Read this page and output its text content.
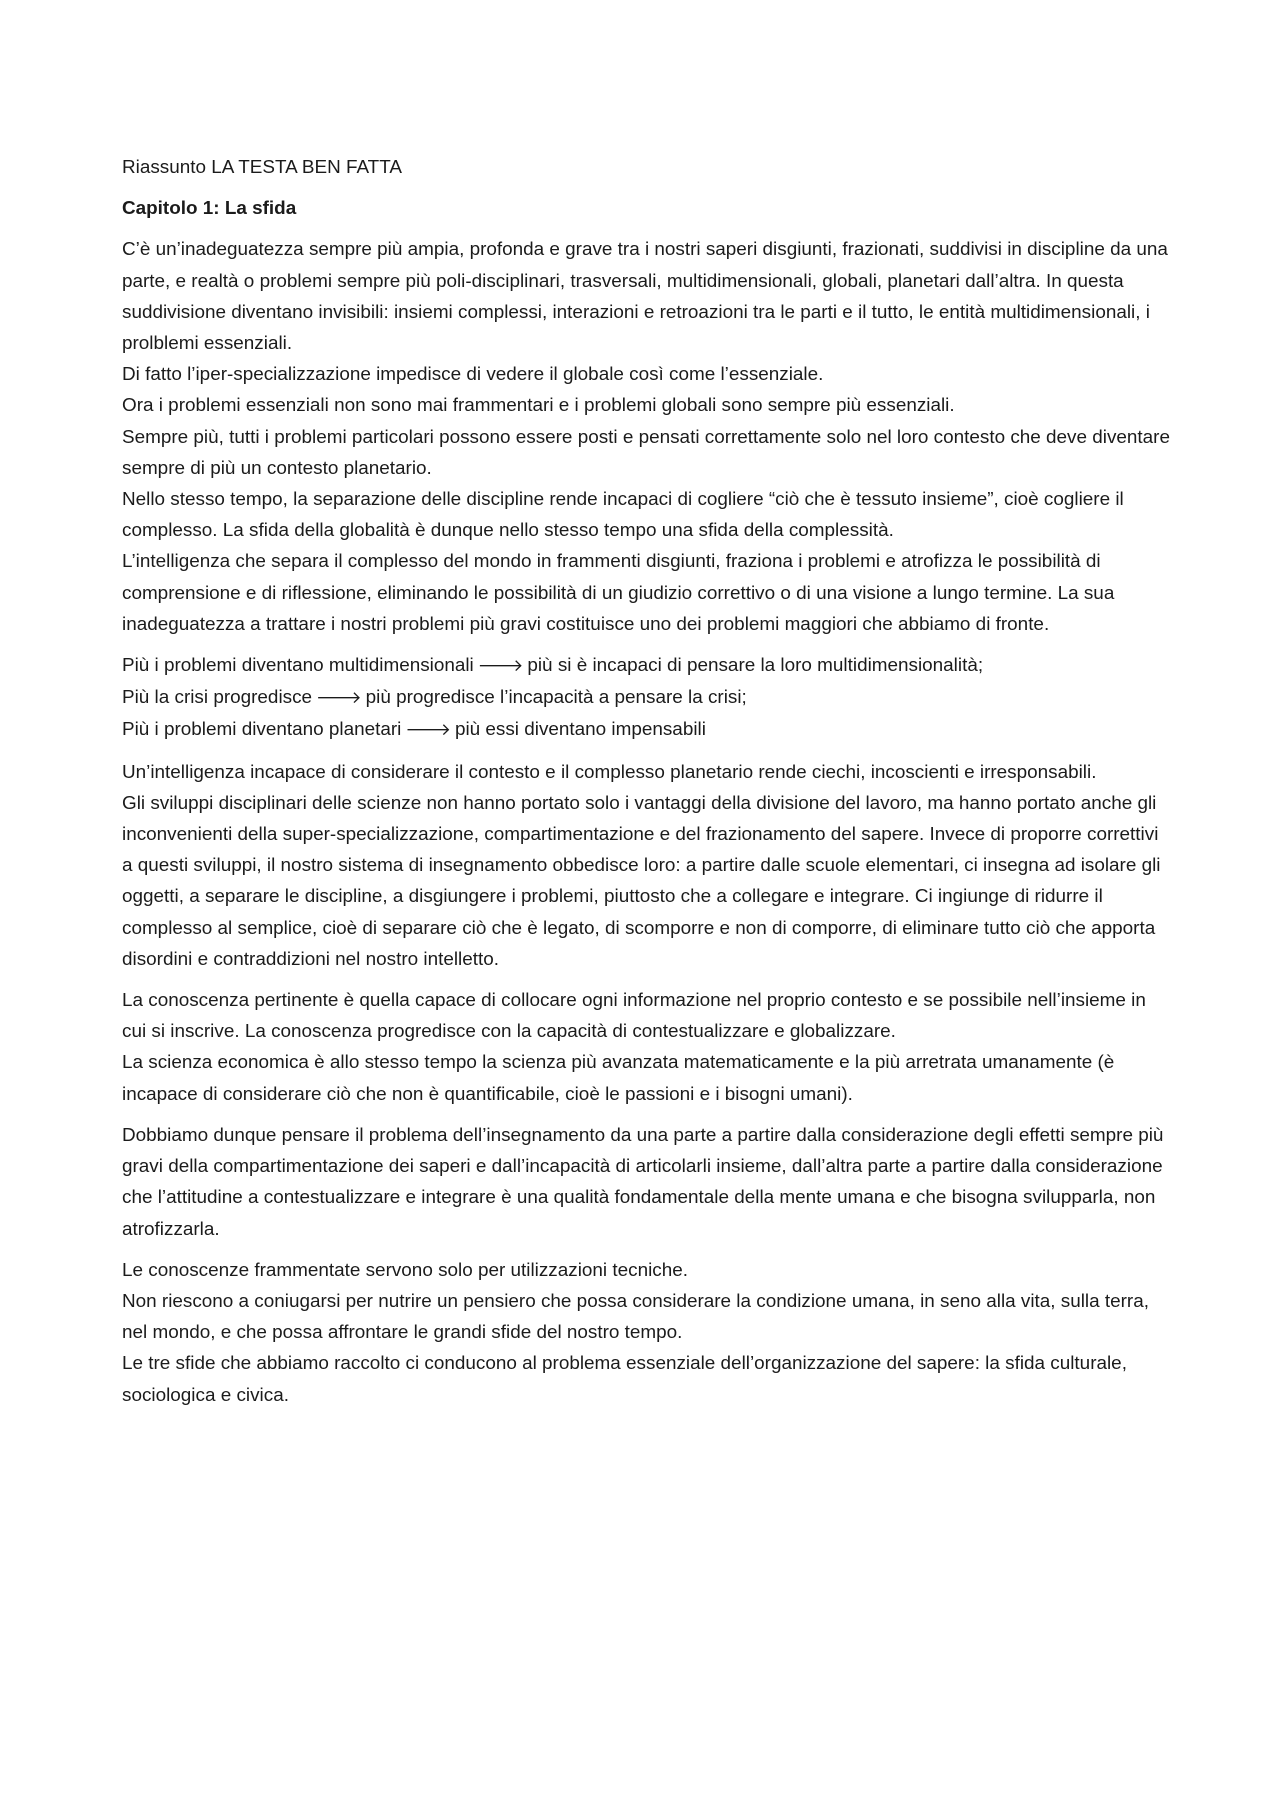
Riassunto LA TESTA BEN FATTA

Capitolo 1: La sfida

C’è un’inadeguatezza sempre più ampia, profonda e grave tra i nostri saperi disgiunti, frazionati, suddivisi in discipline da una parte, e realtà o problemi sempre più poli-disciplinari, trasversali, multidimensionali, globali, planetari dall’altra. In questa suddivisione diventano invisibili: insiemi complessi, interazioni e retroazioni tra le parti e il tutto, le entità multidimensionali, i prolblemi essenziali.
Di fatto l’iper-specializzazione impedisce di vedere il globale così come l’essenziale.
Ora i problemi essenziali non sono mai frammentari e i problemi globali sono sempre più essenziali.
Sempre più, tutti i problemi particolari possono essere posti e pensati correttamente solo nel loro contesto che deve diventare sempre di più un contesto planetario.
Nello stesso tempo, la separazione delle discipline rende incapaci di cogliere “ciò che è tessuto insieme”, cioè cogliere il complesso. La sfida della globalità è dunque nello stesso tempo una sfida della complessità.
L’intelligenza che separa il complesso del mondo in frammenti disgiunti, fraziona i problemi e atrofizza le possibilità di comprensione e di riflessione, eliminando le possibilità di un giudizio correttivo o di una visione a lungo termine. La sua inadeguatezza a trattare i nostri problemi più gravi costituisce uno dei problemi maggiori che abbiamo di fronte.

Più i problemi diventano multidimensionali 🡒 più si è incapaci di pensare la loro multidimensionalità;
Più la crisi progredisce 🡒 più progredisce l’incapacità a pensare la crisi;
Più i problemi diventano planetari 🡒 più essi diventano impensabili

Un’intelligenza incapace di considerare il contesto e il complesso planetario rende ciechi, incoscienti e irresponsabili.
Gli sviluppi disciplinari delle scienze non hanno portato solo i vantaggi della divisione del lavoro, ma hanno portato anche gli inconvenienti della super-specializzazione, compartimentazione e del frazionamento del sapere. Invece di proporre correttivi a questi sviluppi, il nostro sistema di insegnamento obbedisce loro: a partire dalle scuole elementari, ci insegna ad isolare gli oggetti, a separare le discipline, a disgiungere i problemi, piuttosto che a collegare e integrare. Ci ingiunge di ridurre il complesso al semplice, cioè di separare ciò che è legato, di scomporre e non di comporre, di eliminare tutto ciò che apporta disordini e contraddizioni nel nostro intelletto.

La conoscenza pertinente è quella capace di collocare ogni informazione nel proprio contesto e se possibile nell’insieme in cui si inscrive. La conoscenza progredisce con la capacità di contestualizzare e globalizzare.
La scienza economica è allo stesso tempo la scienza più avanzata matematicamente e la più arretrata umanamente (è incapace di considerare ciò che non è quantificabile, cioè le passioni e i bisogni umani).

Dobbiamo dunque pensare il problema dell’insegnamento da una parte a partire dalla considerazione degli effetti sempre più gravi della compartimentazione dei saperi e dall’incapacità di articolarli insieme, dall’altra parte a partire dalla considerazione che l’attitudine a contestualizzare e integrare è una qualità fondamentale della mente umana e che bisogna svilupparla, non atrofizzarla.

Le conoscenze frammentate servono solo per utilizzazioni tecniche.
Non riescono a coniugarsi per nutrire un pensiero che possa considerare la condizione umana, in seno alla vita, sulla terra, nel mondo, e che possa affrontare le grandi sfide del nostro tempo.
Le tre sfide che abbiamo raccolto ci conducono al problema essenziale dell’organizzazione del sapere: la sfida culturale, sociologica e civica.
